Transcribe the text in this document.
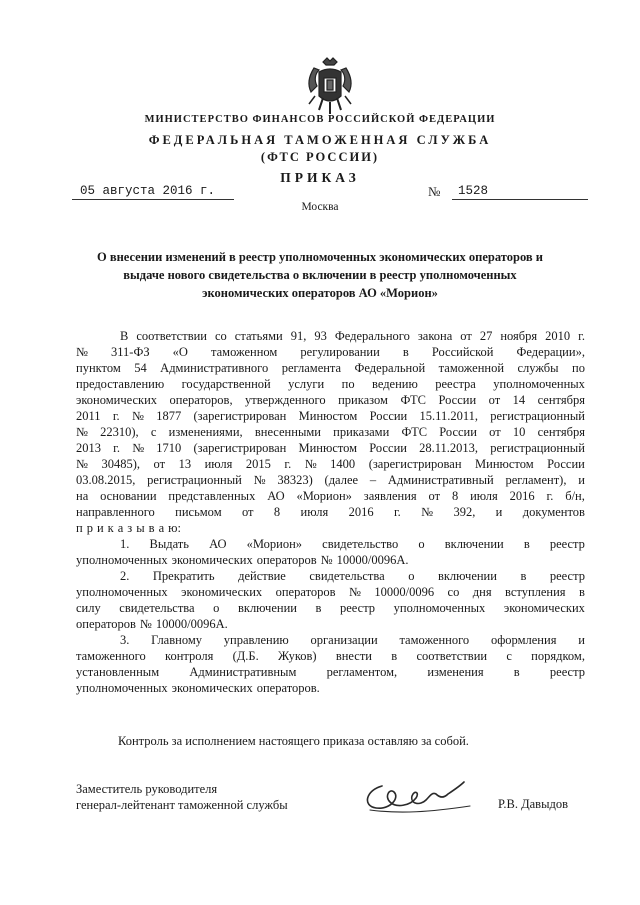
МИНИСТЕРСТВО ФИНАНСОВ РОССИЙСКОЙ ФЕДЕРАЦИИ
ФЕДЕРАЛЬНАЯ ТАМОЖЕННАЯ СЛУЖБА
(ФТС РОССИИ)
ПРИКАЗ
05 августа 2016 г.	№	1528
Москва
О внесении изменений в реестр уполномоченных экономических операторов и
выдаче нового свидетельства о включении в реестр уполномоченных
экономических операторов АО «Морион»
В соответствии со статьями 91, 93 Федерального закона от 27 ноября 2010 г.
№ 311-ФЗ «О таможенном регулировании в Российской Федерации»,
пунктом 54 Административного регламента Федеральной таможенной службы по
предоставлению государственной услуги по ведению реестра уполномоченных
экономических операторов, утвержденного приказом ФТС России от 14 сентября
2011 г. № 1877 (зарегистрирован Минюстом России 15.11.2011, регистрационный
№ 22310), с изменениями, внесенными приказами ФТС России от 10 сентября
2013 г. № 1710 (зарегистрирован Минюстом России 28.11.2013, регистрационный
№ 30485), от 13 июля 2015 г. № 1400 (зарегистрирован Минюстом России
03.08.2015, регистрационный № 38323) (далее – Административный регламент), и
на основании представленных АО «Морион» заявления от 8 июля 2016 г. б/н,
направленного письмом от 8 июля 2016 г. № 392, и документов
п р и к а з ы в а ю:
1. Выдать АО «Морион» свидетельство о включении в реестр
уполномоченных экономических операторов № 10000/0096А.
2. Прекратить действие свидетельства о включении в реестр
уполномоченных экономических операторов № 10000/0096 со дня вступления в
силу свидетельства о включении в реестр уполномоченных экономических
операторов № 10000/0096А.
3. Главному управлению организации таможенного оформления и
таможенного контроля (Д.Б. Жуков) внести в соответствии с порядком,
установленным Административным регламентом, изменения в реестр
уполномоченных экономических операторов.
Контроль за исполнением настоящего приказа оставляю за собой.
Заместитель руководителя
генерал-лейтенант таможенной службы	Р.В. Давыдов
